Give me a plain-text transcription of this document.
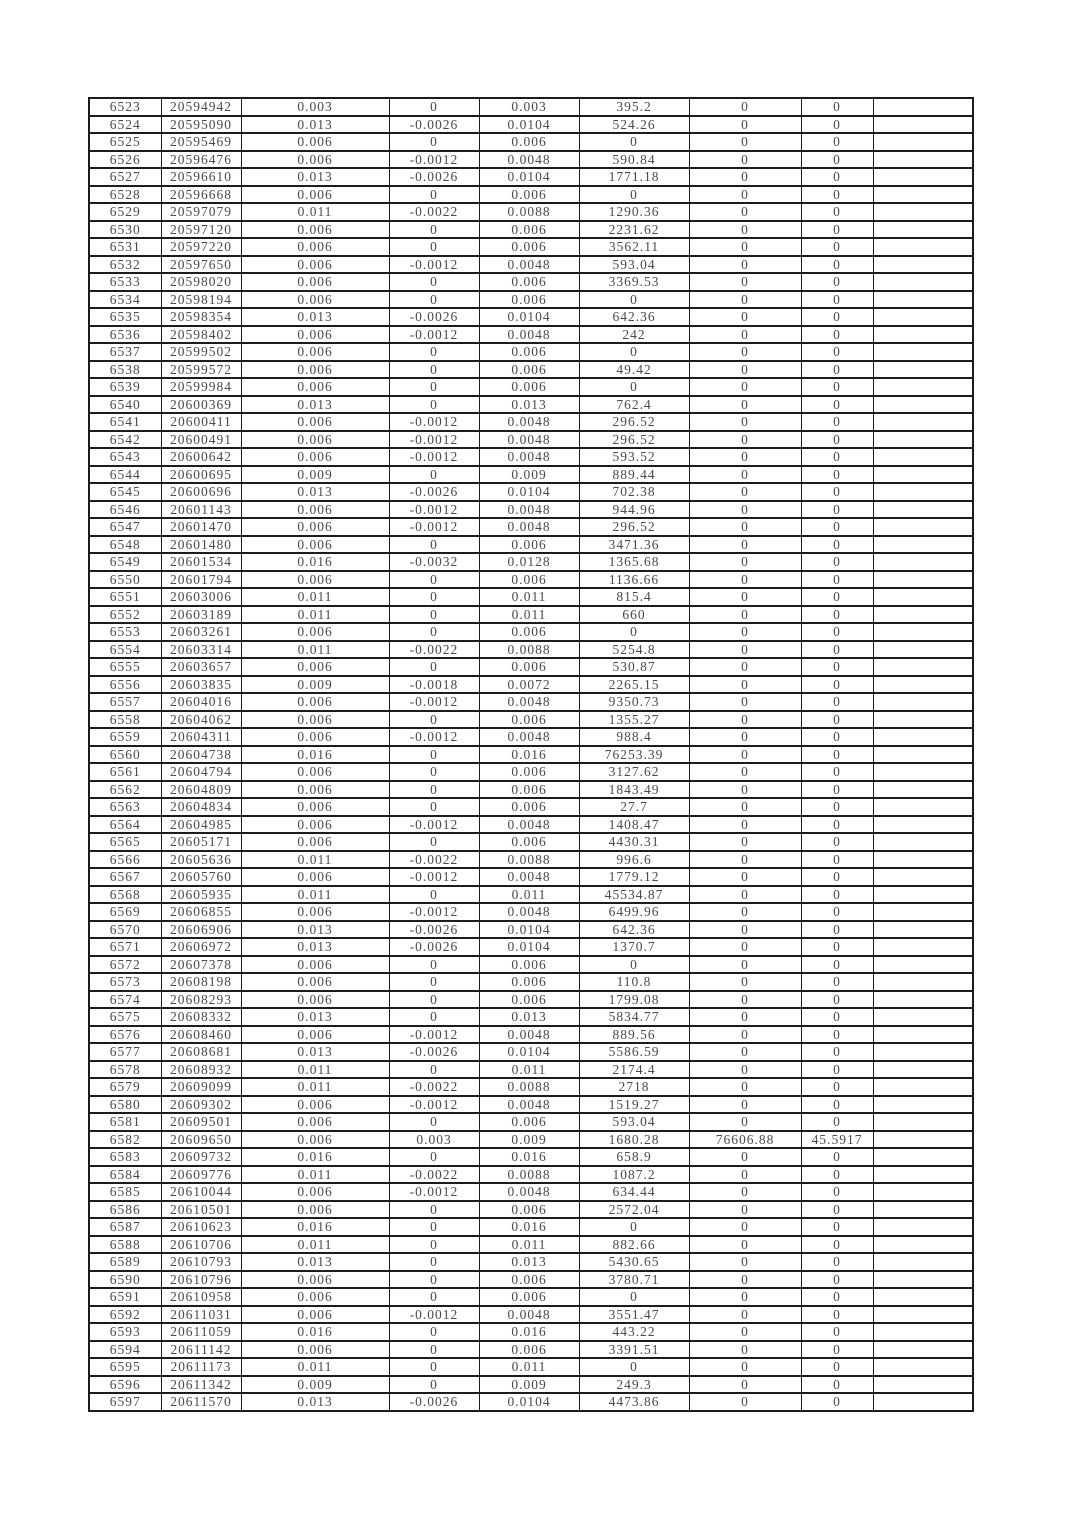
6523	20594942	0.003	0	0.003	395.2	0	0	
6524	20595090	0.013	-0.0026	0.0104	524.26	0	0	
6525	20595469	0.006	0	0.006	0	0	0	
6526	20596476	0.006	-0.0012	0.0048	590.84	0	0	
6527	20596610	0.013	-0.0026	0.0104	1771.18	0	0	
6528	20596668	0.006	0	0.006	0	0	0	
6529	20597079	0.011	-0.0022	0.0088	1290.36	0	0	
6530	20597120	0.006	0	0.006	2231.62	0	0	
6531	20597220	0.006	0	0.006	3562.11	0	0	
6532	20597650	0.006	-0.0012	0.0048	593.04	0	0	
6533	20598020	0.006	0	0.006	3369.53	0	0	
6534	20598194	0.006	0	0.006	0	0	0	
6535	20598354	0.013	-0.0026	0.0104	642.36	0	0	
6536	20598402	0.006	-0.0012	0.0048	242	0	0	
6537	20599502	0.006	0	0.006	0	0	0	
6538	20599572	0.006	0	0.006	49.42	0	0	
6539	20599984	0.006	0	0.006	0	0	0	
6540	20600369	0.013	0	0.013	762.4	0	0	
6541	20600411	0.006	-0.0012	0.0048	296.52	0	0	
6542	20600491	0.006	-0.0012	0.0048	296.52	0	0	
6543	20600642	0.006	-0.0012	0.0048	593.52	0	0	
6544	20600695	0.009	0	0.009	889.44	0	0	
6545	20600696	0.013	-0.0026	0.0104	702.38	0	0	
6546	20601143	0.006	-0.0012	0.0048	944.96	0	0	
6547	20601470	0.006	-0.0012	0.0048	296.52	0	0	
6548	20601480	0.006	0	0.006	3471.36	0	0	
6549	20601534	0.016	-0.0032	0.0128	1365.68	0	0	
6550	20601794	0.006	0	0.006	1136.66	0	0	
6551	20603006	0.011	0	0.011	815.4	0	0	
6552	20603189	0.011	0	0.011	660	0	0	
6553	20603261	0.006	0	0.006	0	0	0	
6554	20603314	0.011	-0.0022	0.0088	5254.8	0	0	
6555	20603657	0.006	0	0.006	530.87	0	0	
6556	20603835	0.009	-0.0018	0.0072	2265.15	0	0	
6557	20604016	0.006	-0.0012	0.0048	9350.73	0	0	
6558	20604062	0.006	0	0.006	1355.27	0	0	
6559	20604311	0.006	-0.0012	0.0048	988.4	0	0	
6560	20604738	0.016	0	0.016	76253.39	0	0	
6561	20604794	0.006	0	0.006	3127.62	0	0	
6562	20604809	0.006	0	0.006	1843.49	0	0	
6563	20604834	0.006	0	0.006	27.7	0	0	
6564	20604985	0.006	-0.0012	0.0048	1408.47	0	0	
6565	20605171	0.006	0	0.006	4430.31	0	0	
6566	20605636	0.011	-0.0022	0.0088	996.6	0	0	
6567	20605760	0.006	-0.0012	0.0048	1779.12	0	0	
6568	20605935	0.011	0	0.011	45534.87	0	0	
6569	20606855	0.006	-0.0012	0.0048	6499.96	0	0	
6570	20606906	0.013	-0.0026	0.0104	642.36	0	0	
6571	20606972	0.013	-0.0026	0.0104	1370.7	0	0	
6572	20607378	0.006	0	0.006	0	0	0	
6573	20608198	0.006	0	0.006	110.8	0	0	
6574	20608293	0.006	0	0.006	1799.08	0	0	
6575	20608332	0.013	0	0.013	5834.77	0	0	
6576	20608460	0.006	-0.0012	0.0048	889.56	0	0	
6577	20608681	0.013	-0.0026	0.0104	5586.59	0	0	
6578	20608932	0.011	0	0.011	2174.4	0	0	
6579	20609099	0.011	-0.0022	0.0088	2718	0	0	
6580	20609302	0.006	-0.0012	0.0048	1519.27	0	0	
6581	20609501	0.006	0	0.006	593.04	0	0	
6582	20609650	0.006	0.003	0.009	1680.28	76606.88	45.5917	
6583	20609732	0.016	0	0.016	658.9	0	0	
6584	20609776	0.011	-0.0022	0.0088	1087.2	0	0	
6585	20610044	0.006	-0.0012	0.0048	634.44	0	0	
6586	20610501	0.006	0	0.006	2572.04	0	0	
6587	20610623	0.016	0	0.016	0	0	0	
6588	20610706	0.011	0	0.011	882.66	0	0	
6589	20610793	0.013	0	0.013	5430.65	0	0	
6590	20610796	0.006	0	0.006	3780.71	0	0	
6591	20610958	0.006	0	0.006	0	0	0	
6592	20611031	0.006	-0.0012	0.0048	3551.47	0	0	
6593	20611059	0.016	0	0.016	443.22	0	0	
6594	20611142	0.006	0	0.006	3391.51	0	0	
6595	20611173	0.011	0	0.011	0	0	0	
6596	20611342	0.009	0	0.009	249.3	0	0	
6597	20611570	0.013	-0.0026	0.0104	4473.86	0	0	
